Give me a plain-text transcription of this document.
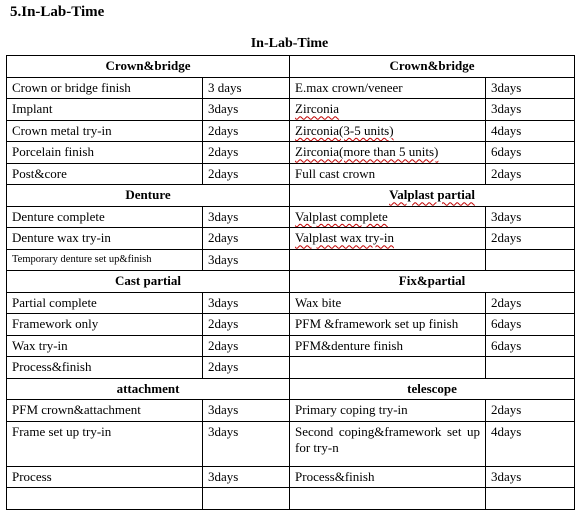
5.In-Lab-Time
In-Lab-Time
Crown&bridge		Crown&bridge	
Crown or bridge finish	3 days	E.max crown/veneer	3days
Implant	3days	Zirconia	3days
Crown metal try-in	2days	Zirconia(3-5 units)	4days
Porcelain finish	2days	Zirconia(more than 5 units)	6days
Post&core	2days	Full cast crown	2days
Denture		Valplast partial	
Denture complete	3days	Valplast complete	3days
Denture wax try-in	2days	Valplast wax try-in	2days
Temporary denture set up&finish	3days		
Cast partial		Fix&partial	
Partial complete	3days	Wax bite	2days
Framework only	2days	PFM &framework set up finish	6days
Wax try-in	2days	PFM&denture finish	6days
Process&finish	2days		
attachment		telescope	
PFM crown&attachment	3days	Primary coping try-in	2days
Frame set up try-in	3days	Second coping&framework set up for try-n	4days
Process	3days	Process&finish	3days
